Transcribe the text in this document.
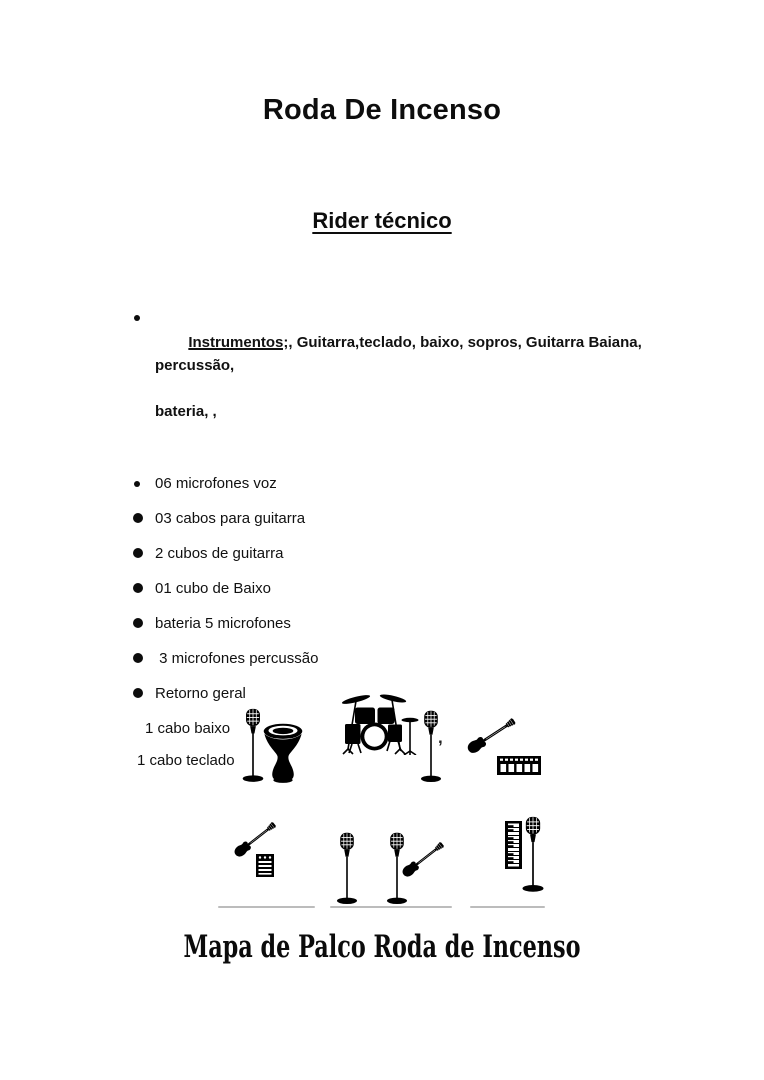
Roda De Incenso
Rider técnico

Instrumentos;, Guitarra,teclado, baixo, sopros, Guitarra Baiana, percussão,

bateria, ,

06 microfones voz
03 cabos para guitarra
2 cubos de guitarra
01 cubo de Baixo
bateria 5 microfones
3 microfones percussão
Retorno geral
1 cabo baixo
1 cabo teclado
,
Mapa de Palco Roda de Incenso
